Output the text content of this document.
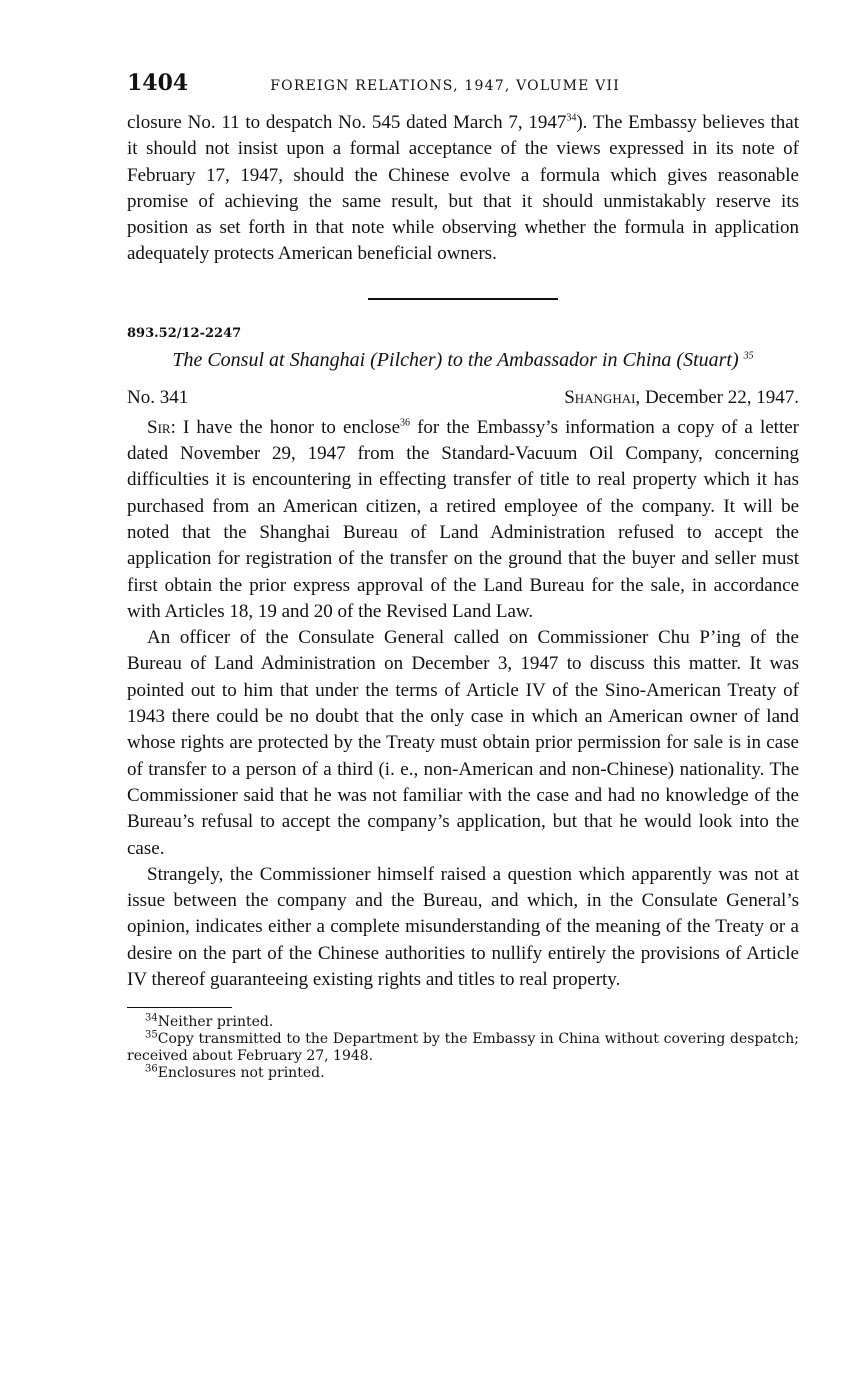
1404	FOREIGN RELATIONS, 1947, VOLUME VII

closure No. 11 to despatch No. 545 dated March 7, 1947$^{34}$). The Embassy believes that it should not insist upon a formal acceptance of the views expressed in its note of February 17, 1947, should the Chinese evolve a formula which gives reasonable promise of achieving the same result, but that it should unmistakably reserve its position as set forth in that note while observing whether the formula in application adequately protects American beneficial owners.

893.52/12-2247
The Consul at Shanghai (Pilcher) to the Ambassador in China (Stuart) $^{35}$
No. 341	Shanghai, December 22, 1947.

Sir: I have the honor to enclose$^{36}$ for the Embassy’s information a copy of a letter dated November 29, 1947 from the Standard-Vacuum Oil Company, concerning difficulties it is encountering in effecting transfer of title to real property which it has purchased from an American citizen, a retired employee of the company. It will be noted that the Shanghai Bureau of Land Administration refused to accept the application for registration of the transfer on the ground that the buyer and seller must first obtain the prior express approval of the Land Bureau for the sale, in accordance with Articles 18, 19 and 20 of the Revised Land Law.

An officer of the Consulate General called on Commissioner Chu P’ing of the Bureau of Land Administration on December 3, 1947 to discuss this matter. It was pointed out to him that under the terms of Article IV of the Sino-American Treaty of 1943 there could be no doubt that the only case in which an American owner of land whose rights are protected by the Treaty must obtain prior permission for sale is in case of transfer to a person of a third (i. e., non-American and non-Chinese) nationality. The Commissioner said that he was not familiar with the case and had no knowledge of the Bureau’s refusal to accept the company’s application, but that he would look into the case.

Strangely, the Commissioner himself raised a question which apparently was not at issue between the company and the Bureau, and which, in the Consulate General’s opinion, indicates either a complete misunderstanding of the meaning of the Treaty or a desire on the part of the Chinese authorities to nullify entirely the provisions of Article IV thereof guaranteeing existing rights and titles to real property.

$^{34}$Neither printed.

$^{35}$Copy transmitted to the Department by the Embassy in China without covering despatch; received about February 27, 1948.

$^{36}$Enclosures not printed.
